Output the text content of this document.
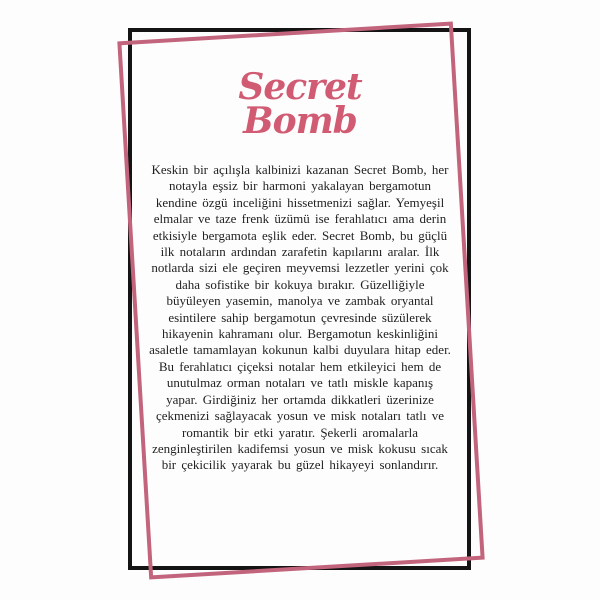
Secret
Bomb

Keskin bir açılışla kalbinizi kazanan Secret Bomb, her notayla eşsiz bir harmoni yakalayan bergamotun kendine özgü inceliğini hissetmenizi sağlar. Yemyeşil elmalar ve taze frenk üzümü ise ferahlatıcı ama derin etkisiyle bergamota eşlik eder. Secret Bomb, bu güçlü ilk notaların ardından zarafetin kapılarını aralar. İlk notlarda sizi ele geçiren meyvemsi lezzetler yerini çok daha sofistike bir kokuya bırakır. Güzelliğiyle büyüleyen yasemin, manolya ve zambak oryantal esintilere sahip bergamotun çevresinde süzülerek hikayenin kahramanı olur. Bergamotun keskinliğini asaletle tamamlayan kokunun kalbi duyulara hitap eder. Bu ferahlatıcı çiçeksi notalar hem etkileyici hem de unutulmaz orman notaları ve tatlı miskle kapanış yapar. Girdiğiniz her ortamda dikkatleri üzerinize çekmenizi sağlayacak yosun ve misk notaları tatlı ve romantik bir etki yaratır. Şekerli aromalarla zenginleştirilen kadifemsi yosun ve misk kokusu sıcak bir çekicilik yayarak bu güzel hikayeyi sonlandırır.
